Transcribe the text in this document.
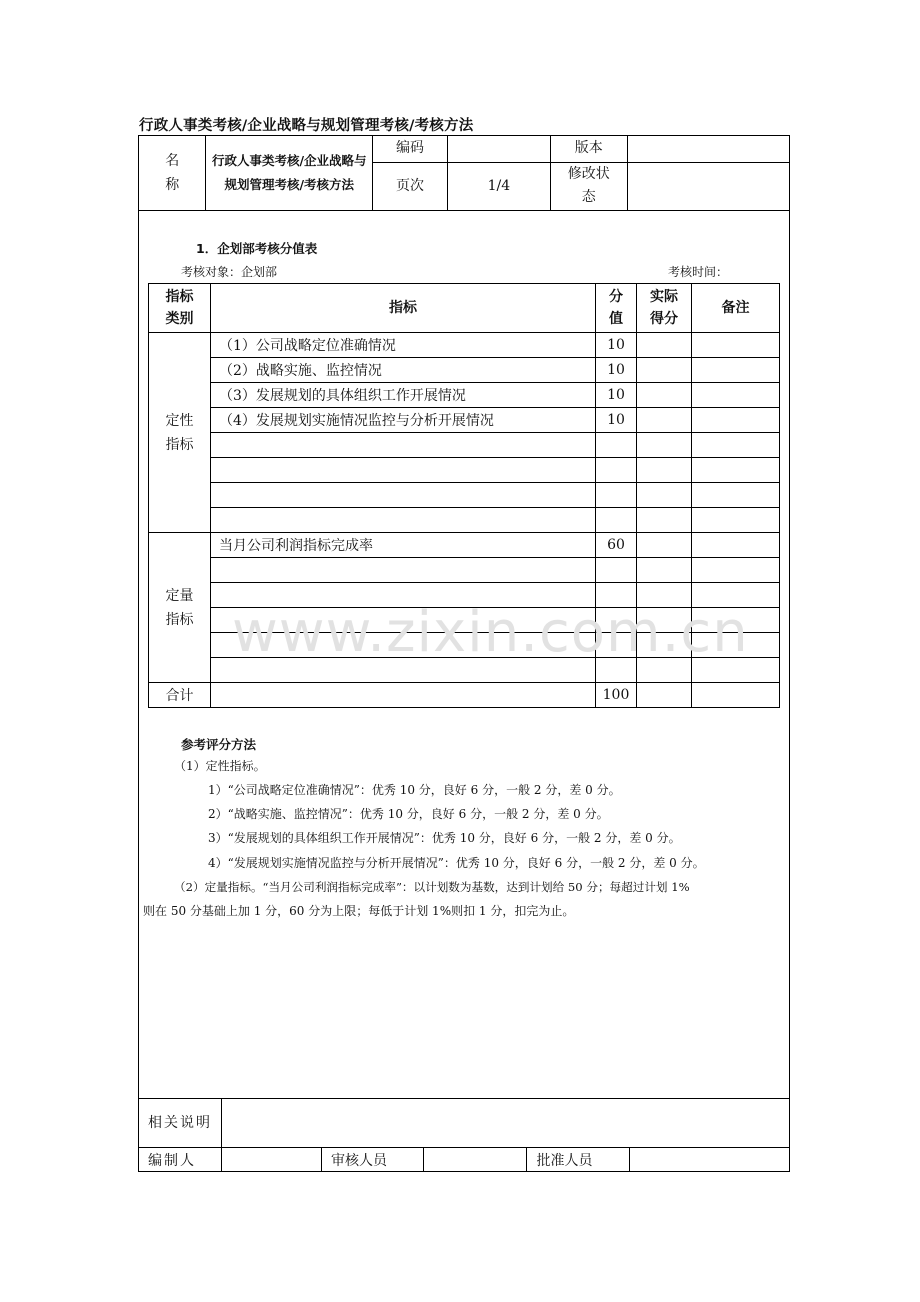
行政人事类考核/企业战略与规划管理考核/考核方法
名称	行政人事类考核/企业战略与规划管理考核/考核方法	编码		版本	
		页次	1/4	修改状态	

1．企划部考核分值表
考核对象：企划部	考核时间：
指标类别	指标	分值	实际得分	备注

定性指标	（1）公司战略定位准确情况	10		
	（2）战略实施、监控情况	10		
	（3）发展规划的具体组织工作开展情况	10		
	（4）发展规划实施情况监控与分析开展情况	10		

定量指标	当月公司利润指标完成率	60		

合计		100		
参考评分方法
（1）定性指标。
1）“公司战略定位准确情况”：优秀 10 分，良好 6 分，一般 2 分，差 0 分。
2）“战略实施、监控情况”：优秀 10 分，良好 6 分，一般 2 分，差 0 分。
3）“发展规划的具体组织工作开展情况”：优秀 10 分，良好 6 分，一般 2 分，差 0 分。
4）“发展规划实施情况监控与分析开展情况”：优秀 10 分，良好 6 分，一般 2 分，差 0 分。
（2）定量指标。“当月公司利润指标完成率”：以计划数为基数，达到计划给 50 分；每超过计划 1%
则在 50 分基础上加 1 分，60 分为上限；每低于计划 1%则扣 1 分，扣完为止。
相关说明					

编制人		审核人员		批准人员	
www.zixin.com.cn
